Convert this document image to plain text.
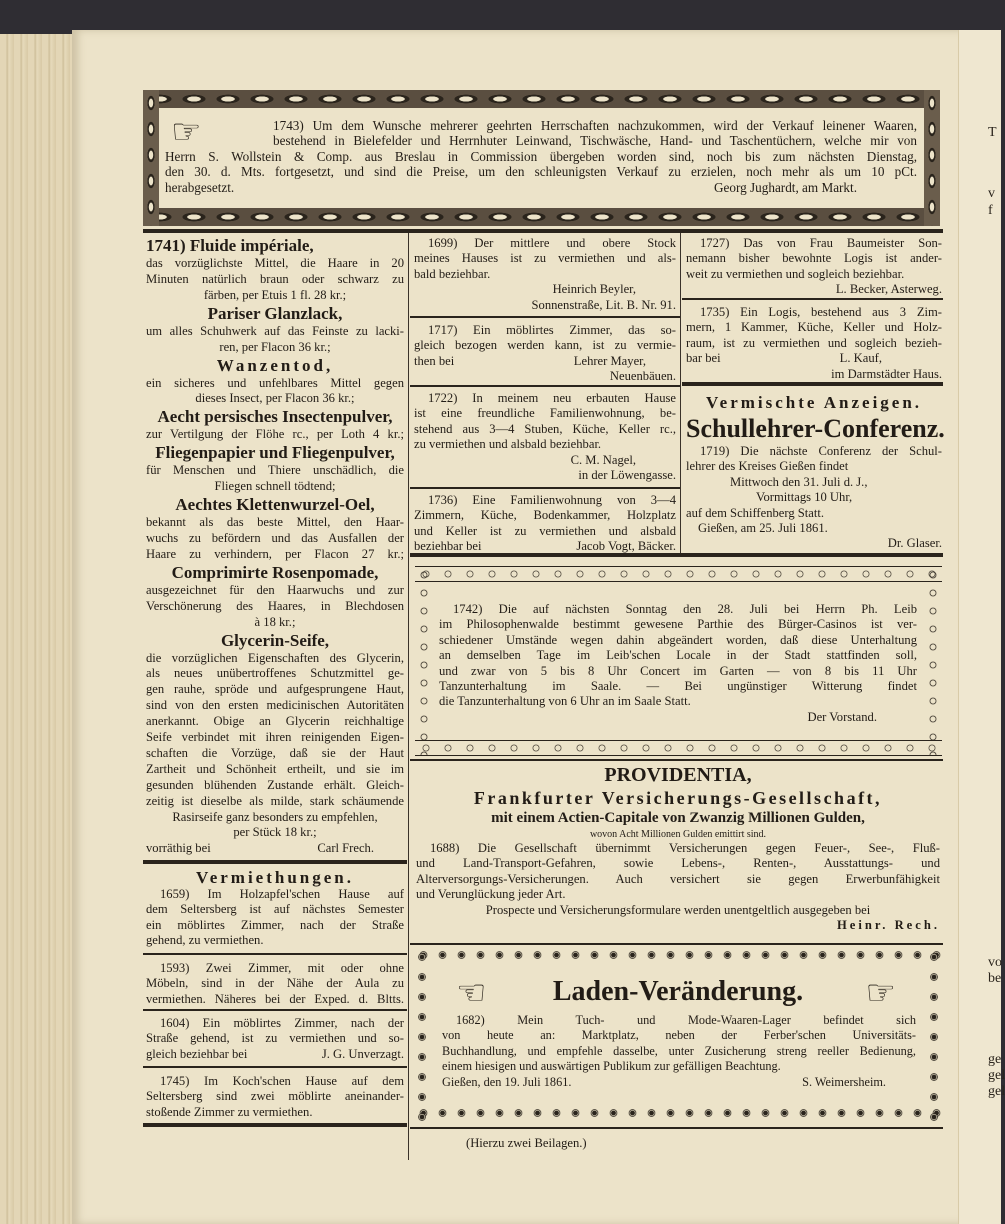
T
v
f
vo
be
ge
gel
gel
☞	1743) Um dem Wunsche mehrerer geehrten Herrschaften nachzukommen, wird der Verkauf leinener Waaren,
bestehend in Bielefelder und Herrnhuter Leinwand, Tischwäsche, Hand- und Taschentüchern, welche mir von
Herrn S. Wollstein & Comp. aus Breslau in Commission übergeben worden sind, noch bis zum nächsten Dienstag,
den 30. d. Mts. fortgesetzt, und sind die Preise, um den schleunigsten Verkauf zu erzielen, noch mehr als um 10 pCt.
herabgesetzt.	Georg Jughardt, am Markt.
1741) Fluide impériale,
das vorzüglichste Mittel, die Haare in 20
Minuten natürlich braun oder schwarz zu
färben, per Etuis 1 fl. 28 kr.;
Pariser Glanzlack,
um alles Schuhwerk auf das Feinste zu lacki-
ren, per Flacon 36 kr.;
Wanzentod,
ein sicheres und unfehlbares Mittel gegen
dieses Insect, per Flacon 36 kr.;
Aecht persisches Insectenpulver,
zur Vertilgung der Flöhe rc., per Loth 4 kr.;
Fliegenpapier und Fliegenpulver,
für Menschen und Thiere unschädlich, die
Fliegen schnell tödtend;
Aechtes Klettenwurzel-Oel,
bekannt als das beste Mittel, den Haar-
wuchs zu befördern und das Ausfallen der
Haare zu verhindern, per Flacon 27 kr.;
Comprimirte Rosenpomade,
ausgezeichnet für den Haarwuchs und zur
Verschönerung des Haares, in Blechdosen
à 18 kr.;
Glycerin-Seife,
die vorzüglichen Eigenschaften des Glycerin,
als neues unübertroffenes Schutzmittel ge-
gen rauhe, spröde und aufgesprungene Haut,
sind von den ersten medicinischen Autoritäten
anerkannt. Obige an Glycerin reichhaltige
Seife verbindet mit ihren reinigenden Eigen-
schaften die Vorzüge, daß sie der Haut
Zartheit und Schönheit ertheilt, und sie im
gesunden blühenden Zustande erhält. Gleich-
zeitig ist dieselbe als milde, stark schäumende
Rasirseife ganz besonders zu empfehlen,
per Stück 18 kr.;
vorräthig bei	Carl Frech.
Vermiethungen.
1659) Im Holzapfel'schen Hause auf
dem Seltersberg ist auf nächstes Semester
ein möblirtes Zimmer, nach der Straße
gehend, zu vermiethen.
1593) Zwei Zimmer, mit oder ohne
Möbeln, sind in der Nähe der Aula zu
vermiethen. Näheres bei der Exped. d. Bltts.
1604) Ein möblirtes Zimmer, nach der
Straße gehend, ist zu vermiethen und so-
gleich beziehbar bei	J. G. Unverzagt.
1745) Im Koch'schen Hause auf dem
Seltersberg sind zwei möblirte aneinander-
stoßende Zimmer zu vermiethen.
1699) Der mittlere und obere Stock
meines Hauses ist zu vermiethen und als-
bald beziehbar.
Heinrich Beyler,
Sonnenstraße, Lit. B. Nr. 91.
1717) Ein möblirtes Zimmer, das so-
gleich bezogen werden kann, ist zu vermie-
then bei	Lehrer Mayer,
Neuenbäuen.
1722) In meinem neu erbauten Hause
ist eine freundliche Familienwohnung, be-
stehend aus 3—4 Stuben, Küche, Keller rc.,
zu vermiethen und alsbald beziehbar.
C. M. Nagel,
in der Löwengasse.
1736) Eine Familienwohnung von 3—4
Zimmern, Küche, Bodenkammer, Holzplatz
und Keller ist zu vermiethen und alsbald
beziehbar bei	Jacob Vogt, Bäcker.
1727) Das von Frau Baumeister Son-
nemann bisher bewohnte Logis ist ander-
weit zu vermiethen und sogleich beziehbar.
L. Becker, Asterweg.
1735) Ein Logis, bestehend aus 3 Zim-
mern, 1 Kammer, Küche, Keller und Holz-
raum, ist zu vermiethen und sogleich bezieh-
bar bei	L. Kauf,
im Darmstädter Haus.
Vermischte Anzeigen.
Schullehrer-Conferenz.
1719) Die nächste Conferenz der Schul-
lehrer des Kreises Gießen findet
Mittwoch den 31. Juli d. J.,
Vormittags 10 Uhr,
auf dem Schiffenberg Statt.
Gießen, am 25. Juli 1861.
Dr. Glaser.
1742) Die auf nächsten Sonntag den 28. Juli bei Herrn Ph. Leib
im Philosophenwalde bestimmt gewesene Parthie des Bürger-Casinos ist ver-
schiedener Umstände wegen dahin abgeändert worden, daß diese Unterhaltung
an demselben Tage im Leib'schen Locale in der Stadt stattfinden soll,
und zwar von 5 bis 8 Uhr Concert im Garten — von 8 bis 11 Uhr
Tanzunterhaltung im Saale. — Bei ungünstiger Witterung findet
die Tanzunterhaltung von 6 Uhr an im Saale Statt.
Der Vorstand.
PROVIDENTIA,
Frankfurter Versicherungs-Gesellschaft,
mit einem Actien-Capitale von Zwanzig Millionen Gulden,
wovon Acht Millionen Gulden emittirt sind.
1688) Die Gesellschaft übernimmt Versicherungen gegen Feuer-, See-, Fluß-
und Land-Transport-Gefahren, sowie Lebens-, Renten-, Ausstattungs- und
Alterversorgungs-Versicherungen. Auch versichert sie gegen Erwerbunfähigkeit
und Verunglückung jeder Art.
Prospecte und Versicherungsformulare werden unentgeltlich ausgegeben bei
Heinr. Rech.
☜	☞
Laden-Veränderung.
1682) Mein Tuch- und Mode-Waaren-Lager befindet sich
von heute an: Marktplatz, neben der Ferber'schen Universitäts-
Buchhandlung, und empfehle dasselbe, unter Zusicherung streng reeller Bedienung,
einem hiesigen und auswärtigen Publikum zur gefälligen Beachtung.
Gießen, den 19. Juli 1861.	S. Weimersheim.
(Hierzu zwei Beilagen.)
